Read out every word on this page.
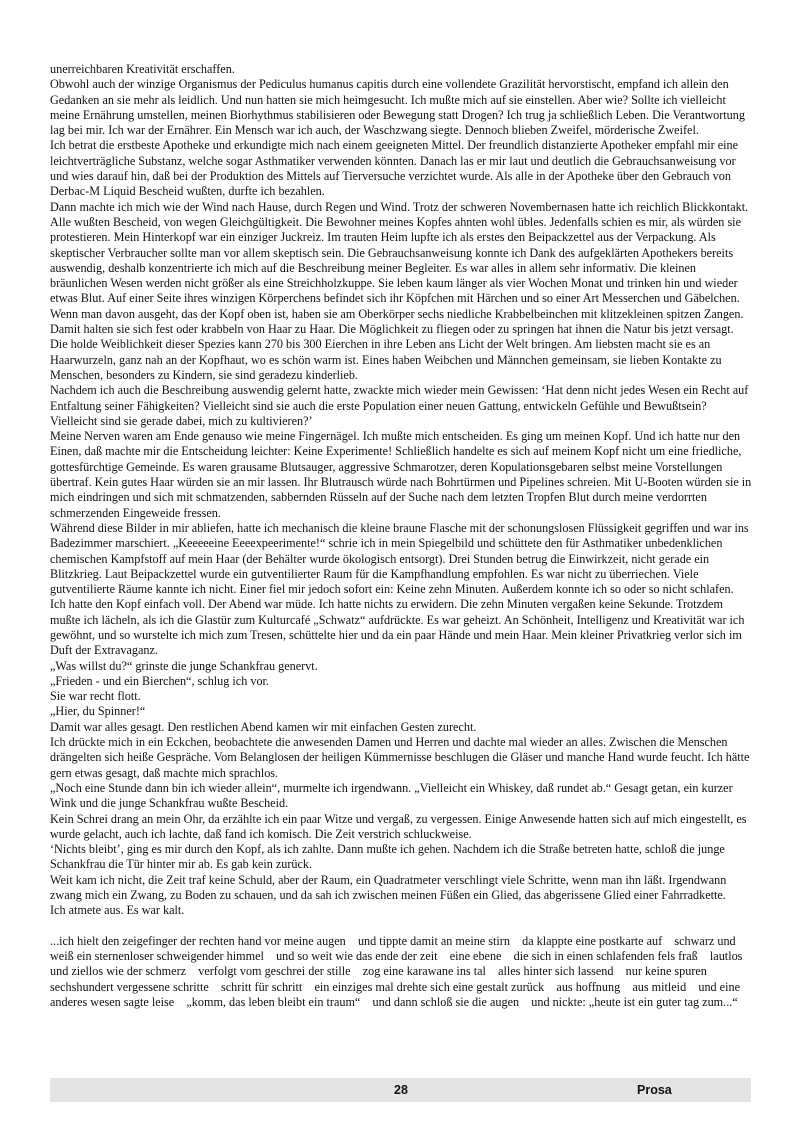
unerreichbaren Kreativität erschaffen.

Obwohl auch der winzige Organismus der Pediculus humanus capitis durch eine vollendete Grazilität hervorstischt, empfand ich allein den Gedanken an sie mehr als leidlich. Und nun hatten sie mich heimgesucht. Ich mußte mich auf sie einstellen. Aber wie? Sollte ich vielleicht meine Ernährung umstellen, meinen Biorhythmus stabilisieren oder Bewegung statt Drogen? Ich trug ja schließlich Leben. Die Verantwortung lag bei mir. Ich war der Ernährer. Ein Mensch war ich auch, der Waschzwang siegte. Dennoch blieben Zweifel, mörderische Zweifel.

Ich betrat die erstbeste Apotheke und erkundigte mich nach einem geeigneten Mittel. Der freundlich distanzierte Apotheker empfahl mir eine leichtverträgliche Substanz, welche sogar Asthmatiker verwenden könnten. Danach las er mir laut und deutlich die Gebrauchsanweisung vor und wies darauf hin, daß bei der Produktion des Mittels auf Tierversuche verzichtet wurde. Als alle in der Apotheke über den Gebrauch von Derbac-M Liquid Bescheid wußten, durfte ich bezahlen.

Dann machte ich mich wie der Wind nach Hause, durch Regen und Wind. Trotz der schweren Novembernasen hatte ich reichlich Blickkontakt. Alle wußten Bescheid, von wegen Gleichgültigkeit. Die Bewohner meines Kopfes ahnten wohl übles. Jedenfalls schien es mir, als würden sie protestieren. Mein Hinterkopf war ein einziger Juckreiz. Im trauten Heim lupfte ich als erstes den Beipackzettel aus der Verpackung. Als skeptischer Verbraucher sollte man vor allem skeptisch sein. Die Gebrauchsanweisung konnte ich Dank des aufgeklärten Apothekers bereits auswendig, deshalb konzentrierte ich mich auf die Beschreibung meiner Begleiter. Es war alles in allem sehr informativ. Die kleinen bräunlichen Wesen werden nicht größer als eine Streichholzkuppe. Sie leben kaum länger als vier Wochen Monat und trinken hin und wieder etwas Blut. Auf einer Seite ihres winzigen Körperchens befindet sich ihr Köpfchen mit Härchen und so einer Art Messerchen und Gäbelchen. Wenn man davon ausgeht, das der Kopf oben ist, haben sie am Oberkörper sechs niedliche Krabbelbeinchen mit klitzekleinen spitzen Zangen. Damit halten sie sich fest oder krabbeln von Haar zu Haar. Die Möglichkeit zu fliegen oder zu springen hat ihnen die Natur bis jetzt versagt. Die holde Weiblichkeit dieser Spezies kann 270 bis 300 Eierchen in ihre Leben ans Licht der Welt bringen. Am liebsten macht sie es an Haarwurzeln, ganz nah an der Kopfhaut, wo es schön warm ist. Eines haben Weibchen und Männchen gemeinsam, sie lieben Kontakte zu Menschen, besonders zu Kindern, sie sind geradezu kinderlieb.

Nachdem ich auch die Beschreibung auswendig gelernt hatte, zwackte mich wieder mein Gewissen: ‘Hat denn nicht jedes Wesen ein Recht auf Entfaltung seiner Fähigkeiten? Vielleicht sind sie auch die erste Population einer neuen Gattung, entwickeln Gefühle und Bewußtsein? Vielleicht sind sie gerade dabei, mich zu kultivieren?’

Meine Nerven waren am Ende genauso wie meine Fingernägel. Ich mußte mich entscheiden. Es ging um meinen Kopf. Und ich hatte nur den Einen, daß machte mir die Entscheidung leichter: Keine Experimente! Schließlich handelte es sich auf meinem Kopf nicht um eine friedliche, gottesfürchtige Gemeinde. Es waren grausame Blutsauger, aggressive Schmarotzer, deren Kopulationsgebaren selbst meine Vorstellungen übertraf. Kein gutes Haar würden sie an mir lassen. Ihr Blutrausch würde nach Bohrtürmen und Pipelines schreien. Mit U-Booten würden sie in mich eindringen und sich mit schmatzenden, sabbernden Rüsseln auf der Suche nach dem letzten Tropfen Blut durch meine verdorrten schmerzenden Eingeweide fressen.

Während diese Bilder in mir abliefen, hatte ich mechanisch die kleine braune Flasche mit der schonungslosen Flüssigkeit gegriffen und war ins Badezimmer marschiert. „Keeeeeine Eeeexpeerimente!“ schrie ich in mein Spiegelbild und schüttete den für Asthmatiker unbedenklichen chemischen Kampfstoff auf mein Haar (der Behälter wurde ökologisch entsorgt). Drei Stunden betrug die Einwirkzeit, nicht gerade ein Blitzkrieg. Laut Beipackzettel wurde ein gutventilierter Raum für die Kampfhandlung empfohlen. Es war nicht zu überriechen. Viele gutventilierte Räume kannte ich nicht. Einer fiel mir jedoch sofort ein: Keine zehn Minuten. Außerdem konnte ich so oder so nicht schlafen. Ich hatte den Kopf einfach voll. Der Abend war müde. Ich hatte nichts zu erwidern. Die zehn Minuten vergaßen keine Sekunde. Trotzdem mußte ich lächeln, als ich die Glastür zum Kulturcafé „Schwatz“ aufdrückte. Es war geheizt. An Schönheit, Intelligenz und Kreativität war ich gewöhnt, und so wurstelte ich mich zum Tresen, schüttelte hier und da ein paar Hände und mein Haar. Mein kleiner Privatkrieg verlor sich im Duft der Extravaganz.

„Was willst du?“ grinste die junge Schankfrau genervt.

„Frieden - und ein Bierchen“, schlug ich vor.

Sie war recht flott.

„Hier, du Spinner!“

Damit war alles gesagt. Den restlichen Abend kamen wir mit einfachen Gesten zurecht.

Ich drückte mich in ein Eckchen, beobachtete die anwesenden Damen und Herren und dachte mal wieder an alles. Zwischen die Menschen drängelten sich heiße Gespräche. Vom Belanglosen der heiligen Kümmernisse beschlugen die Gläser und manche Hand wurde feucht. Ich hätte gern etwas gesagt, daß machte mich sprachlos.

„Noch eine Stunde dann bin ich wieder allein“, murmelte ich irgendwann. „Vielleicht ein Whiskey, daß rundet ab.“ Gesagt getan, ein kurzer Wink und die junge Schankfrau wußte Bescheid.

Kein Schrei drang an mein Ohr, da erzählte ich ein paar Witze und vergaß, zu vergessen. Einige Anwesende hatten sich auf mich eingestellt, es wurde gelacht, auch ich lachte, daß fand ich komisch. Die Zeit verstrich schluckweise.

‘Nichts bleibt’, ging es mir durch den Kopf, als ich zahlte. Dann mußte ich gehen. Nachdem ich die Straße betreten hatte, schloß die junge Schankfrau die Tür hinter mir ab. Es gab kein zurück.

Weit kam ich nicht, die Zeit traf keine Schuld, aber der Raum, ein Quadratmeter verschlingt viele Schritte, wenn man ihn läßt. Irgendwann zwang mich ein Zwang, zu Boden zu schauen, und da sah ich zwischen meinen Füßen ein Glied, das abgerissene Glied einer Fahrradkette.

Ich atmete aus. Es war kalt.

...ich hielt den zeigefinger der rechten hand vor meine augen    und tippte damit an meine stirn    da klappte eine postkarte auf    schwarz und weiß ein sternenloser schweigender himmel    und so weit wie das ende der zeit    eine ebene    die sich in einen schlafenden fels fraß    lautlos und ziellos wie der schmerz    verfolgt vom geschrei der stille    zog eine karawane ins tal    alles hinter sich lassend    nur keine spuren    sechshundert vergessene schritte    schritt für schritt    ein einziges mal drehte sich eine gestalt zurück    aus hoffnung    aus mitleid    und eine anderes wesen sagte leise    „komm, das leben bleibt ein traum“    und dann schloß sie die augen    und nickte: „heute ist ein guter tag zum...“

28	Prosa
